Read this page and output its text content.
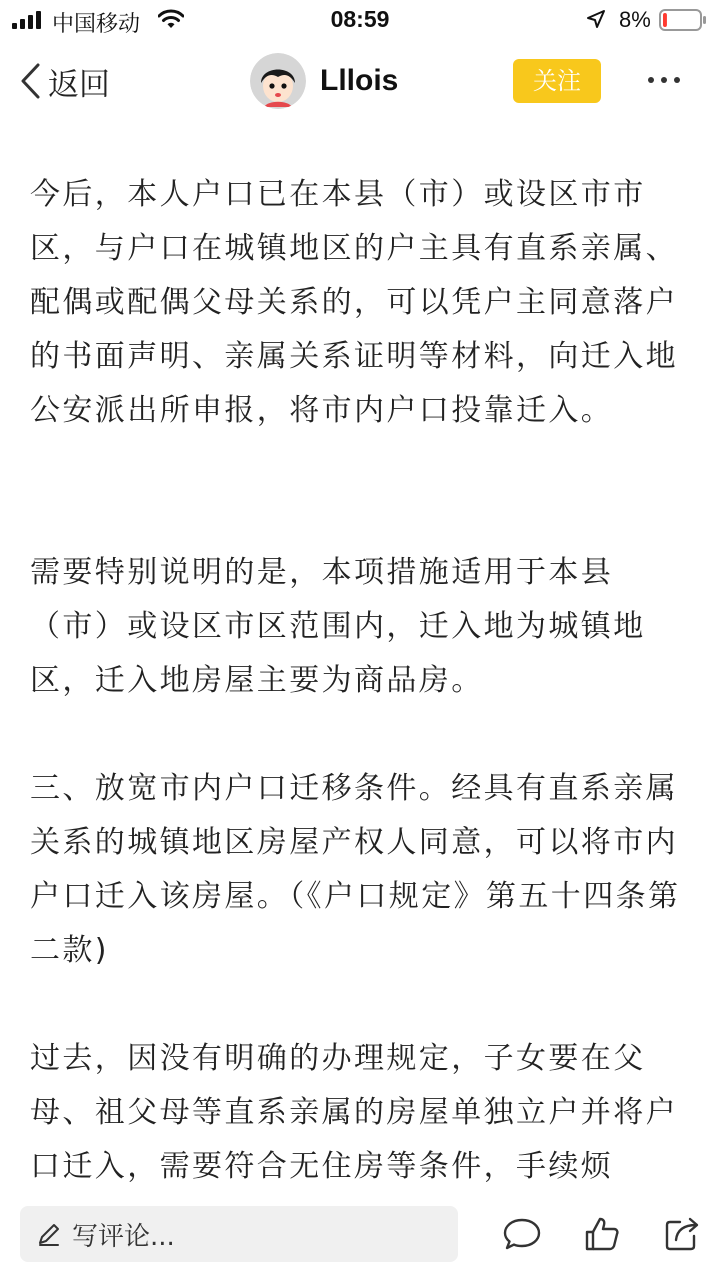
中国移动	08:59	8%
返回	Lllois	关注

今后，本人户口已在本县（市）或设区市市区，与户口在城镇地区的户主具有直系亲属、配偶或配偶父母关系的，可以凭户主同意落户的书面声明、亲属关系证明等材料，向迁入地公安派出所申报，将市内户口投靠迁入。

需要特别说明的是，本项措施适用于本县（市）或设区市区范围内，迁入地为城镇地区，迁入地房屋主要为商品房。

三、放宽市内户口迁移条件。经具有直系亲属关系的城镇地区房屋产权人同意，可以将市内户口迁入该房屋。（《户口规定》第五十四条第二款)

过去，因没有明确的办理规定，子女要在父母、祖父母等直系亲属的房屋单独立户并将户口迁入，需要符合无住房等条件，手续烦

写评论...
